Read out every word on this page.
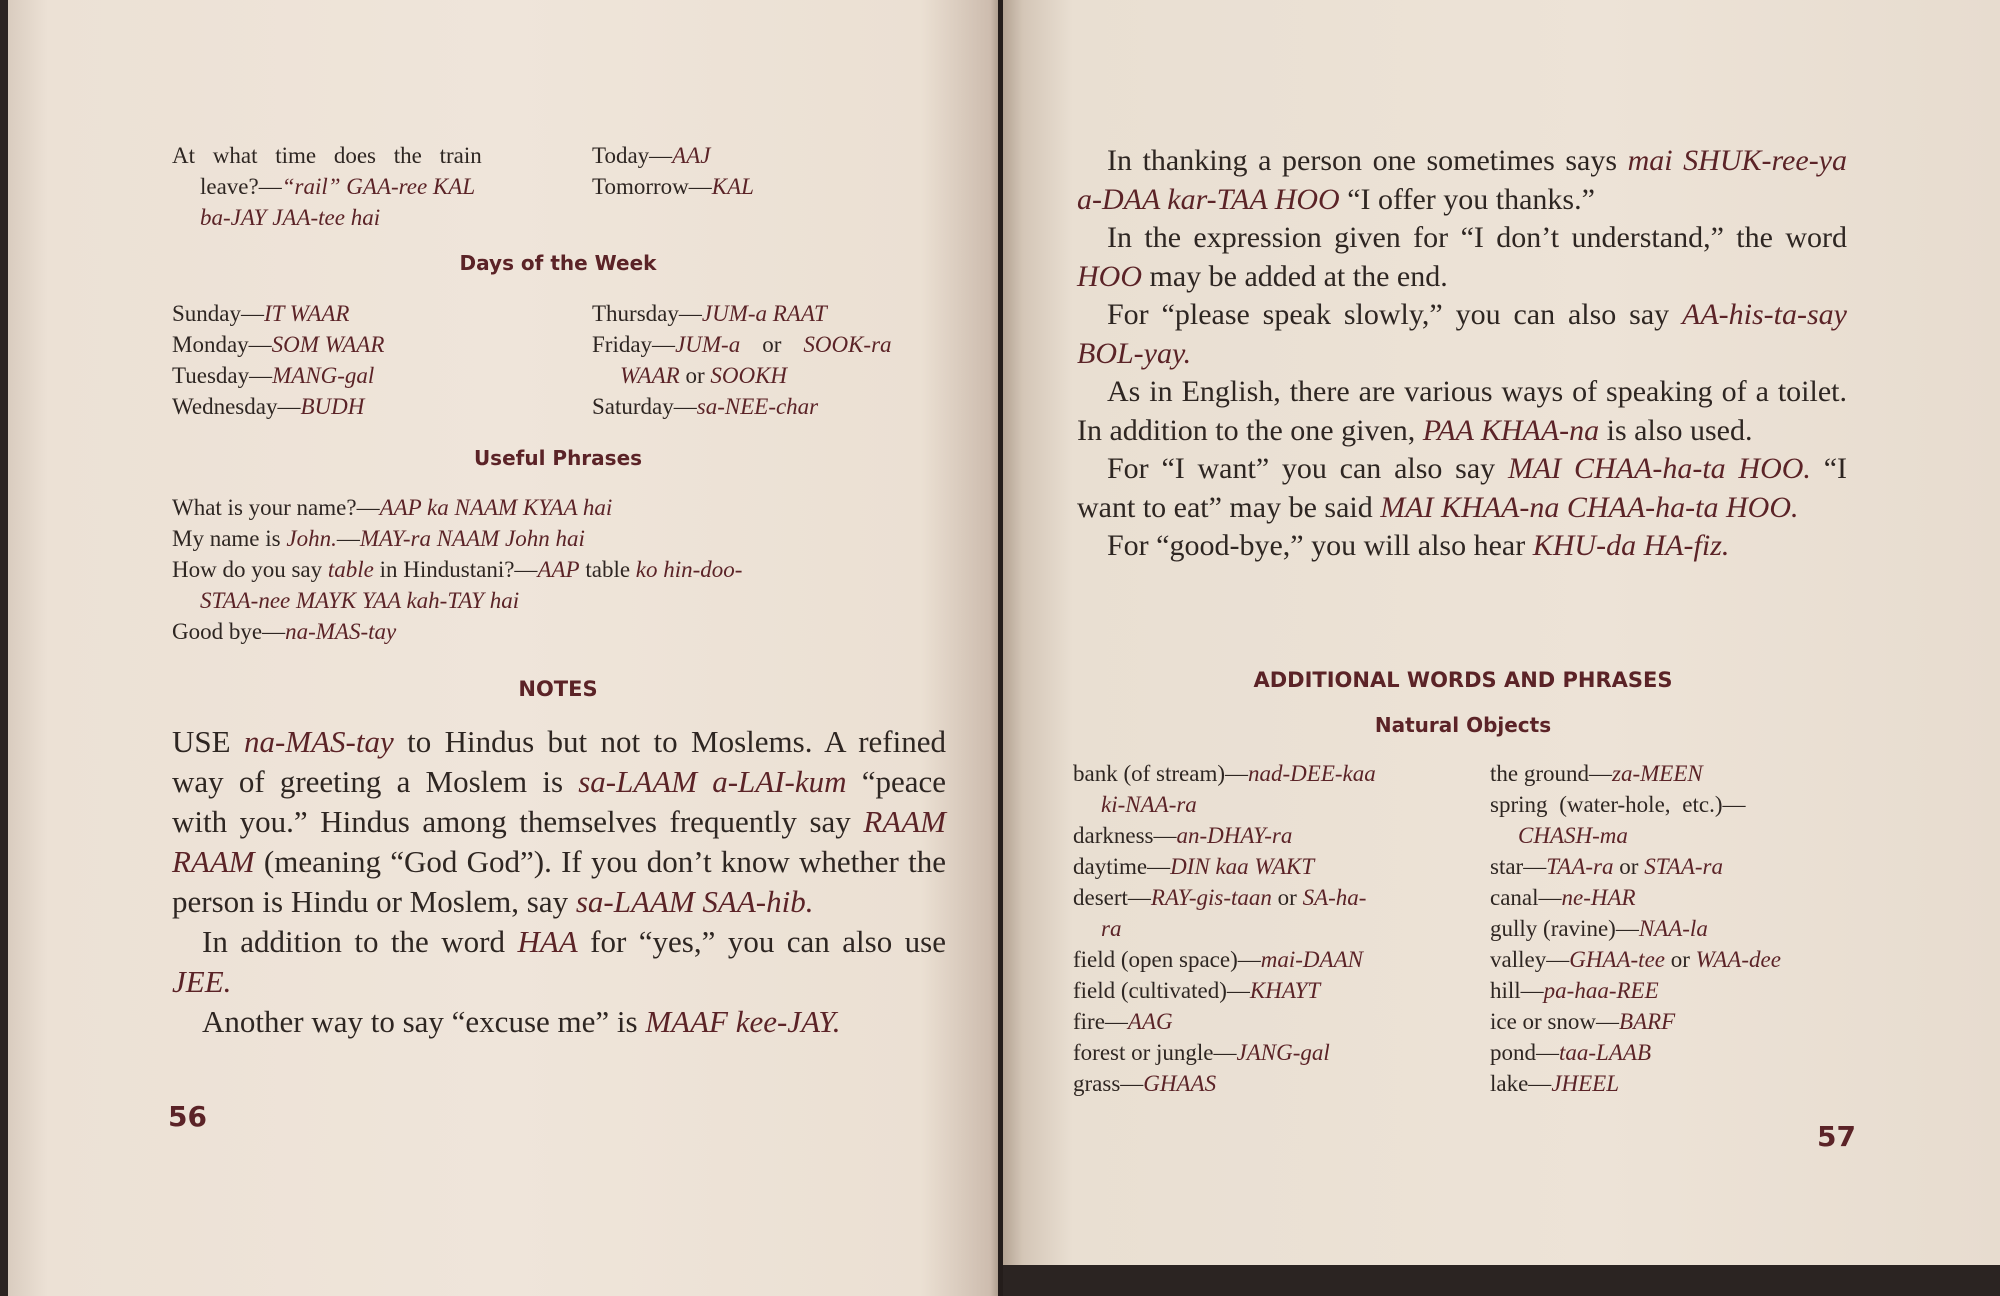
At what time does the train
leave?—“rail” GAA-ree KAL
ba-JAY JAA-tee hai
Today—AAJ
Tomorrow—KAL
Days of the Week
Sunday—IT WAAR
Monday—SOM WAAR
Tuesday—MANG-gal
Wednesday—BUDH
Thursday—JUM-a RAAT
Friday—JUM-a or SOOK-ra
WAAR or SOOKH
Saturday—sa-NEE-char
Useful Phrases
What is your name?—AAP ka NAAM KYAA hai
My name is John.—MAY-ra NAAM John hai
How do you say table in Hindustani?—AAP table ko hin-doo-
STAA-nee MAYK YAA kah-TAY hai
Good bye—na-MAS-tay
NOTES

USE na-MAS-tay to Hindus but not to Moslems. A refined way of greeting a Moslem is sa-LAAM a-LAI-kum “peace with you.” Hindus among themselves frequently say RAAM RAAM (meaning “God God”). If you don’t know whether the person is Hindu or Moslem, say sa-LAAM SAA-hib.

In addition to the word HAA for “yes,” you can also use JEE.

Another way to say “excuse me” is MAAF kee-JAY.

56

In thanking a person one sometimes says mai SHUK-ree-ya a-DAA kar-TAA HOO “I offer you thanks.”

In the expression given for “I don’t understand,” the word HOO may be added at the end.

For “please speak slowly,” you can also say AA-his-ta-say BOL-yay.

As in English, there are various ways of speaking of a toilet. In addition to the one given, PAA KHAA-na is also used.

For “I want” you can also say MAI CHAA-ha-ta HOO. “I want to eat” may be said MAI KHAA-na CHAA-ha-ta HOO.

For “good-bye,” you will also hear KHU-da HA-fiz.

ADDITIONAL WORDS AND PHRASES
Natural Objects
bank (of stream)—nad-DEE-kaa
ki-NAA-ra
darkness—an-DHAY-ra
daytime—DIN kaa WAKT
desert—RAY-gis-taan or SA-ha-
ra
field (open space)—mai-DAAN
field (cultivated)—KHAYT
fire—AAG
forest or jungle—JANG-gal
grass—GHAAS
the ground—za-MEEN
spring (water-hole, etc.)—
CHASH-ma
star—TAA-ra or STAA-ra
canal—ne-HAR
gully (ravine)—NAA-la
valley—GHAA-tee or WAA-dee
hill—pa-haa-REE
ice or snow—BARF
pond—taa-LAAB
lake—JHEEL
57
